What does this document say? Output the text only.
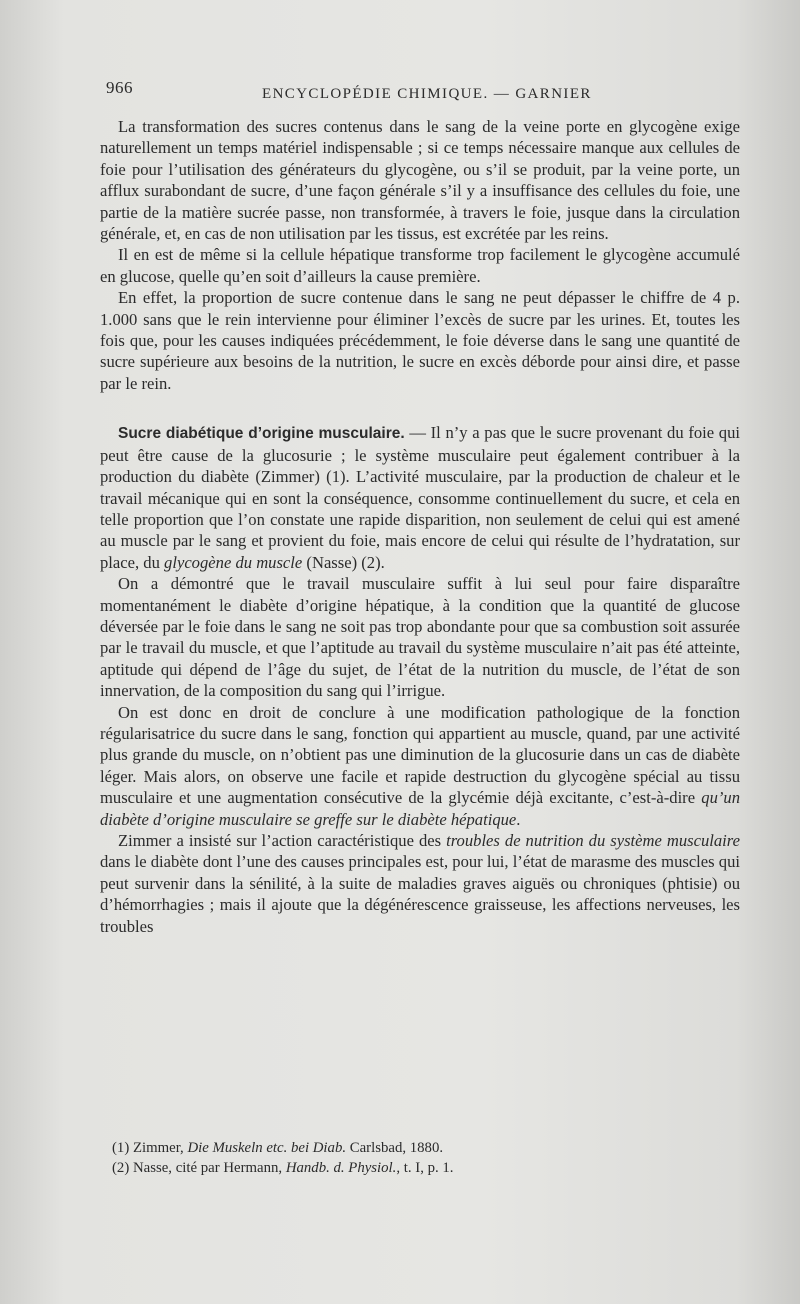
966	ENCYCLOPÉDIE CHIMIQUE. — GARNIER

La transformation des sucres contenus dans le sang de la veine porte en glycogène exige naturellement un temps matériel indispensable ; si ce temps nécessaire manque aux cellules de foie pour l’utilisation des générateurs du glycogène, ou s’il se produit, par la veine porte, un afflux surabondant de sucre, d’une façon générale s’il y a insuffisance des cellules du foie, une partie de la matière sucrée passe, non transformée, à travers le foie, jusque dans la circulation générale, et, en cas de non utilisation par les tissus, est excrétée par les reins.

Il en est de même si la cellule hépatique transforme trop facilement le glycogène accumulé en glucose, quelle qu’en soit d’ailleurs la cause première.

En effet, la proportion de sucre contenue dans le sang ne peut dépasser le chiffre de 4 p. 1.000 sans que le rein intervienne pour éliminer l’excès de sucre par les urines. Et, toutes les fois que, pour les causes indiquées précédemment, le foie déverse dans le sang une quantité de sucre supérieure aux besoins de la nutrition, le sucre en excès déborde pour ainsi dire, et passe par le rein.

Sucre diabétique d’origine musculaire. — Il n’y a pas que le sucre provenant du foie qui peut être cause de la glucosurie ; le système musculaire peut également contribuer à la production du diabète (Zimmer) (1). L’activité musculaire, par la production de chaleur et le travail mécanique qui en sont la conséquence, consomme continuellement du sucre, et cela en telle proportion que l’on constate une rapide disparition, non seulement de celui qui est amené au muscle par le sang et provient du foie, mais encore de celui qui résulte de l’hydratation, sur place, du glycogène du muscle (Nasse) (2).

On a démontré que le travail musculaire suffit à lui seul pour faire disparaître momentanément le diabète d’origine hépatique, à la condition que la quantité de glucose déversée par le foie dans le sang ne soit pas trop abondante pour que sa combustion soit assurée par le travail du muscle, et que l’aptitude au travail du système musculaire n’ait pas été atteinte, aptitude qui dépend de l’âge du sujet, de l’état de la nutrition du muscle, de l’état de son innervation, de la composition du sang qui l’irrigue.

On est donc en droit de conclure à une modification pathologique de la fonction régularisatrice du sucre dans le sang, fonction qui appartient au muscle, quand, par une activité plus grande du muscle, on n’obtient pas une diminution de la glucosurie dans un cas de diabète léger. Mais alors, on observe une facile et rapide destruction du glycogène spécial au tissu musculaire et une augmentation consécutive de la glycémie déjà excitante, c’est-à-dire qu’un diabète d’origine musculaire se greffe sur le diabète hépatique.

Zimmer a insisté sur l’action caractéristique des troubles de nutrition du système musculaire dans le diabète dont l’une des causes principales est, pour lui, l’état de marasme des muscles qui peut survenir dans la sénilité, à la suite de maladies graves aiguës ou chroniques (phtisie) ou d’hémorrhagies ; mais il ajoute que la dégénérescence graisseuse, les affections nerveuses, les troubles

(1) Zimmer, Die Muskeln etc. bei Diab. Carlsbad, 1880.
(2) Nasse, cité par Hermann, Handb. d. Physiol., t. I, p. 1.
